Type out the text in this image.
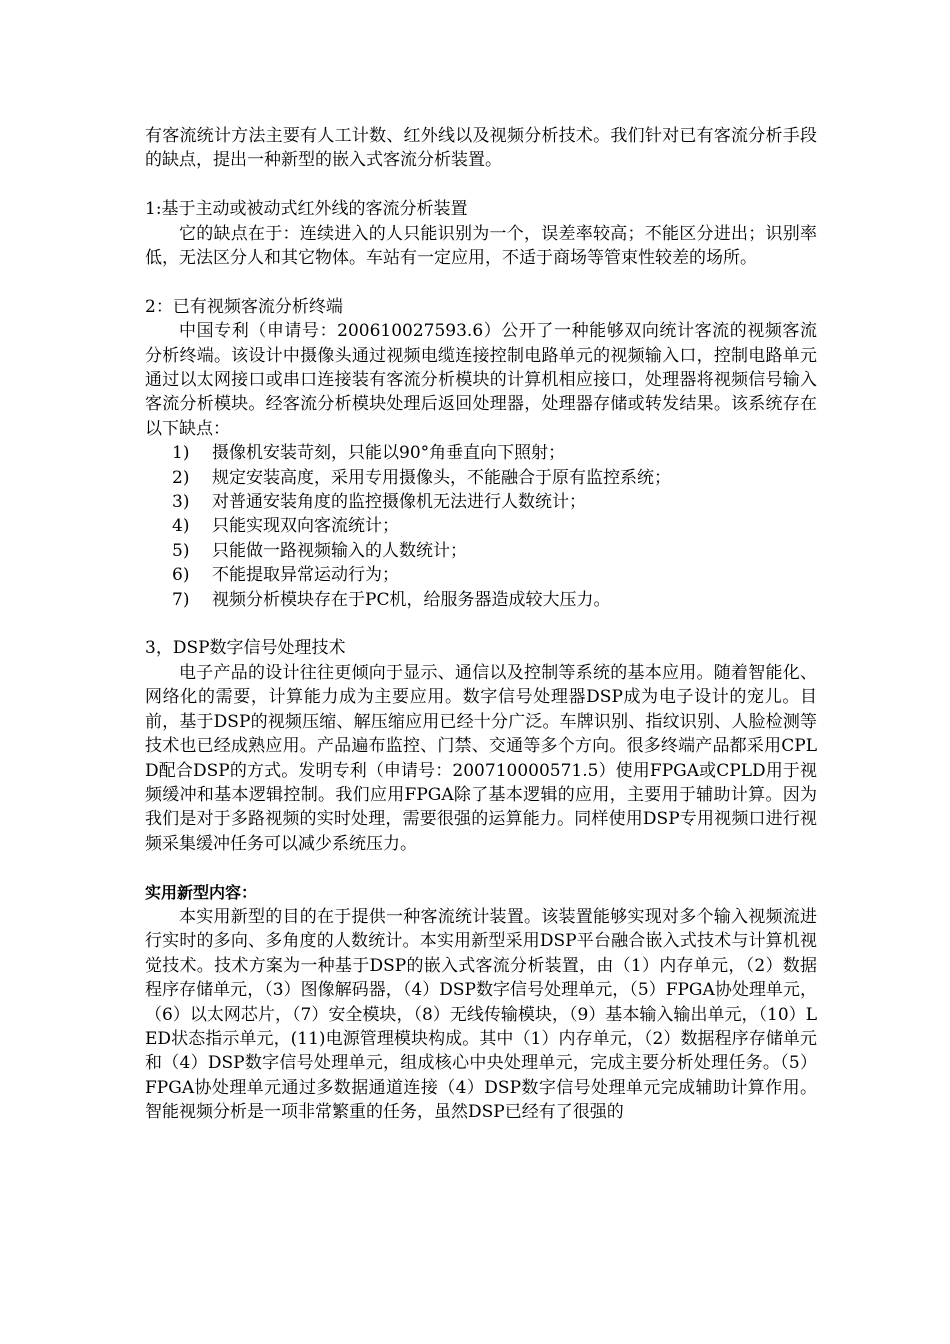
有客流统计方法主要有人工计数、红外线以及视频分析技术。我们针对已有客流分析手段的缺点，提出一种新型的嵌入式客流分析装置。

1:基于主动或被动式红外线的客流分析装置

它的缺点在于：连续进入的人只能识别为一个，误差率较高；不能区分进出；识别率低，无法区分人和其它物体。车站有一定应用，不适于商场等管束性较差的场所。

2：已有视频客流分析终端

中国专利（申请号：200610027593.6）公开了一种能够双向统计客流的视频客流分析终端。该设计中摄像头通过视频电缆连接控制电路单元的视频输入口，控制电路单元通过以太网接口或串口连接装有客流分析模块的计算机相应接口，处理器将视频信号输入客流分析模块。经客流分析模块处理后返回处理器，处理器存储或转发结果。该系统存在以下缺点：

1)	摄像机安装苛刻，只能以90°角垂直向下照射；
2)	规定安装高度，采用专用摄像头，不能融合于原有监控系统；
3)	对普通安装角度的监控摄像机无法进行人数统计；
4)	只能实现双向客流统计；
5)	只能做一路视频输入的人数统计；
6)	不能提取异常运动行为；
7)	视频分析模块存在于PC机，给服务器造成较大压力。

3，DSP数字信号处理技术

电子产品的设计往往更倾向于显示、通信以及控制等系统的基本应用。随着智能化、网络化的需要，计算能力成为主要应用。数字信号处理器DSP成为电子设计的宠儿。目前，基于DSP的视频压缩、解压缩应用已经十分广泛。车牌识别、指纹识别、人脸检测等技术也已经成熟应用。产品遍布监控、门禁、交通等多个方向。很多终端产品都采用CPLD配合DSP的方式。发明专利（申请号：200710000571.5）使用FPGA或CPLD用于视频缓冲和基本逻辑控制。我们应用FPGA除了基本逻辑的应用，主要用于辅助计算。因为我们是对于多路视频的实时处理，需要很强的运算能力。同样使用DSP专用视频口进行视频采集缓冲任务可以减少系统压力。

实用新型内容：

本实用新型的目的在于提供一种客流统计装置。该装置能够实现对多个输入视频流进行实时的多向、多角度的人数统计。本实用新型采用DSP平台融合嵌入式技术与计算机视觉技术。技术方案为一种基于DSP的嵌入式客流分析装置，由（1）内存单元，（2）数据程序存储单元，（3）图像解码器，（4）DSP数字信号处理单元，（5）FPGA协处理单元，（6）以太网芯片，（7）安全模块，（8）无线传输模块，（9）基本输入输出单元，（10）LED状态指示单元，(11)电源管理模块构成。其中（1）内存单元，（2）数据程序存储单元和（4）DSP数字信号处理单元，组成核心中央处理单元，完成主要分析处理任务。（5）FPGA协处理单元通过多数据通道连接（4）DSP数字信号处理单元完成辅助计算作用。智能视频分析是一项非常繁重的任务，虽然DSP已经有了很强的
